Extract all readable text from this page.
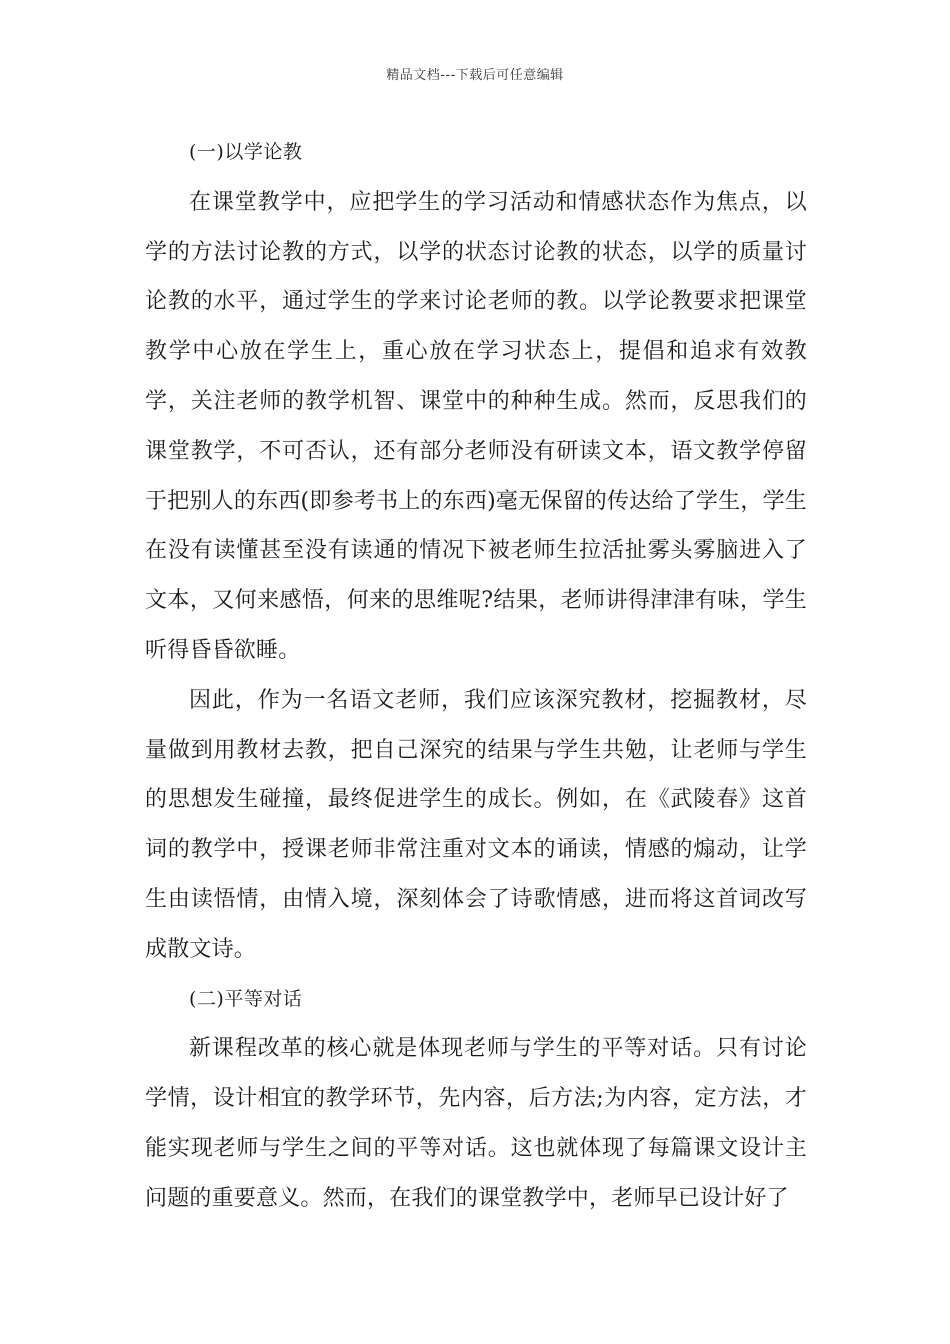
精品文档---下载后可任意编辑

(一)以学论教

在课堂教学中，应把学生的学习活动和情感状态作为焦点，以学的方法讨论教的方式，以学的状态讨论教的状态，以学的质量讨论教的水平，通过学生的学来讨论老师的教。以学论教要求把课堂教学中心放在学生上，重心放在学习状态上，提倡和追求有效教学，关注老师的教学机智、课堂中的种种生成。然而，反思我们的课堂教学，不可否认，还有部分老师没有研读文本，语文教学停留于把别人的东西(即参考书上的东西)毫无保留的传达给了学生，学生在没有读懂甚至没有读通的情况下被老师生拉活扯雾头雾脑进入了文本，又何来感悟，何来的思维呢?结果，老师讲得津津有味，学生听得昏昏欲睡。

因此，作为一名语文老师，我们应该深究教材，挖掘教材，尽量做到用教材去教，把自己深究的结果与学生共勉，让老师与学生的思想发生碰撞，最终促进学生的成长。例如，在《武陵春》这首词的教学中，授课老师非常注重对文本的诵读，情感的煽动，让学生由读悟情，由情入境，深刻体会了诗歌情感，进而将这首词改写成散文诗。

(二)平等对话

新课程改革的核心就是体现老师与学生的平等对话。只有讨论学情，设计相宜的教学环节，先内容，后方法;为内容，定方法，才能实现老师与学生之间的平等对话。这也就体现了每篇课文设计主问题的重要意义。然而，在我们的课堂教学中，老师早已设计好了
